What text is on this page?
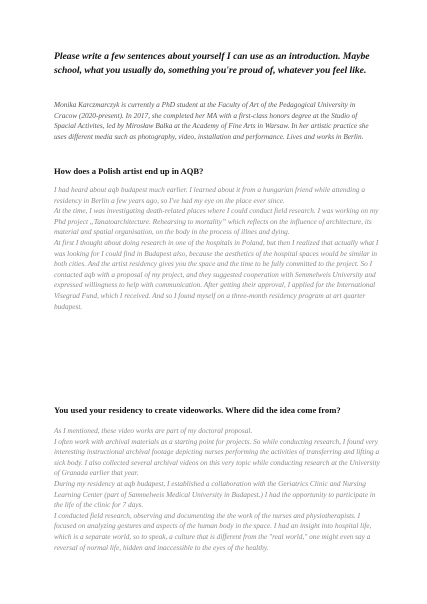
Please write a few sentences about yourself I can use as an introduction. Maybe school, what you usually do, something you're proud of, whatever you feel like.
Monika Karczmarczyk is currently a PhD student at the Faculty of Art of the Pedagogical University in Cracow (2020-present). In 2017, she completed her MA with a first-class honors degree at the Studio of Spacial Activites, led by Mirosław Bałka at the Academy of Fine Arts in Warsaw. In her artistic practice she uses different media such as photography, video, installation and performance. Lives and works in Berlin.
How does a Polish artist end up in AQB?

I had heard about aqb budapest much earlier. I learned about it from a hungarian friend while attending a residency in Berlin a few years ago, so I've had my eye on the place ever since.

At the time, I was investigating death-related places where I could conduct field research. I was working on my Phd project „Tanatoarchitecture. Rehearsing to mortality” which reflects on the influence of architecture, its material and spatial organisation, on the body in the process of illnes and dying.

At first I thought about doing research in one of the hospitals in Poland, but then I realized that actually what I was looking for I could find in Budapest also, because the aesthetics of the hospital spaces would be similar in both cities. And the artist residency gives you the space and the time to be fully committed to the project. So I contacted aqb with a proposal of my project, and they suggested cooperation with Semmelweis University and expressed willingness to help with communication. After getting their approval, I applied for the International Visegrad Fund, which I received. And so I found myself on a three-month residency program at art quarter budapest.

You used your residency to create videoworks. Where did the idea come from?

As I mentioned, these video works are part of my doctoral proposal.

I often work with archival materials as a starting point for projects. So while conducting research, I found very interesting instructional archival footage depicting nurses performing the activities of transferring and lifting a sick body. I also collected several archival videos on this very topic while conducting research at the University of Granada earlier that year.

During my residency at aqb budapest, I established a collaboration with the Geriatrics Clinic and Nursing Learning Center (part of Sammelweis Medical University in Budapest.) I had the opportunity to participate in the life of the clinic for 7 days.

I conducted field research, observing and documenting the the work of the nurses and physiotherapists. I focused on analyzing gestures and aspects of the human body in the space. I had an insight into hospital life, which is a separate world, so to speak, a culture that is different from the "real world," one might even say a reversal of normal life, hidden and inaccessible to the eyes of the healthy.
